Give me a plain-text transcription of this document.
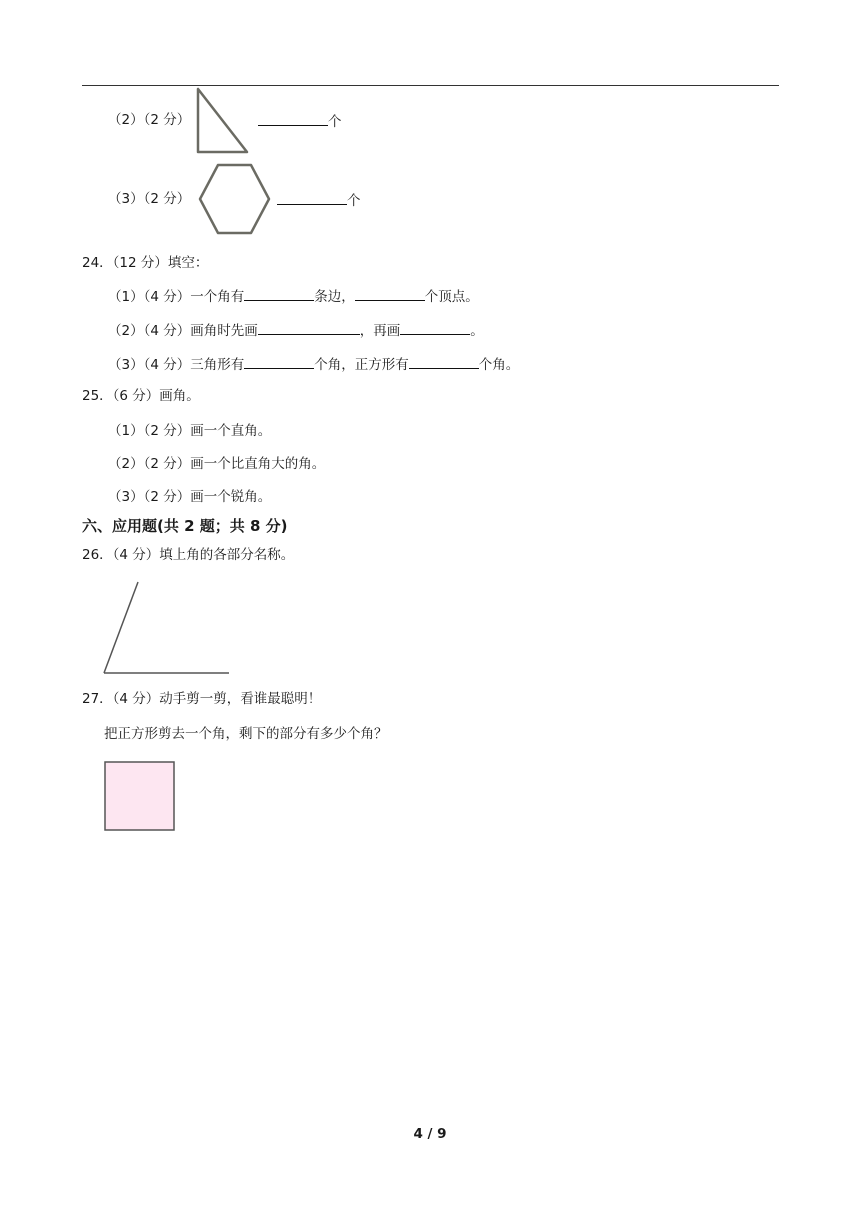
（2）（2 分）	个
（3）（2 分）	个
24．（12 分）填空：
（1）（4 分）一个角有	条边，	个顶点。
（2）（4 分）画角时先画	，再画	。
（3）（4 分）三角形有	个角，正方形有	个角。
25．（6 分）画角。
（1）（2 分）画一个直角。
（2）（2 分）画一个比直角大的角。
（3）（2 分）画一个锐角。
六、应用题(共 2 题；共 8 分)
26．（4 分）填上角的各部分名称。
27．（4 分）动手剪一剪，看谁最聪明！
把正方形剪去一个角，剩下的部分有多少个角？
4 / 9
